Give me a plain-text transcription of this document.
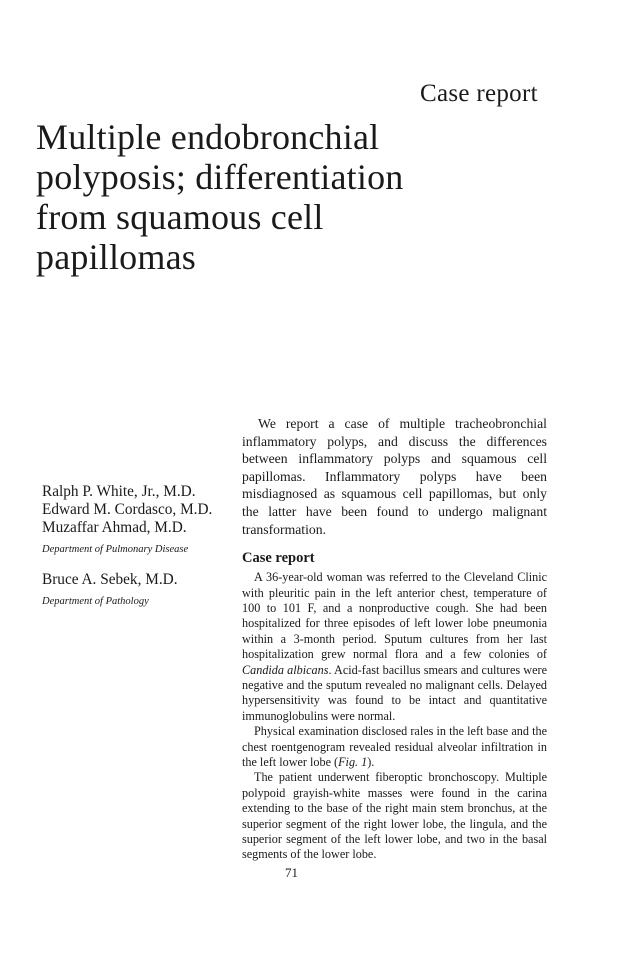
Case report
Multiple endobronchial
polyposis; differentiation
from squamous cell
papillomas
Ralph P. White, Jr., M.D.
Edward M. Cordasco, M.D.
Muzaffar Ahmad, M.D.
Department of Pulmonary Disease
Bruce A. Sebek, M.D.
Department of Pathology

We report a case of multiple tracheobronchial inflammatory polyps, and discuss the differences between inflammatory polyps and squamous cell papillomas. Inflammatory polyps have been misdiagnosed as squamous cell papillomas, but only the latter have been found to undergo malignant transformation.

Case report

A 36-year-old woman was referred to the Cleveland Clinic with pleuritic pain in the left anterior chest, temperature of 100 to 101 F, and a nonproductive cough. She had been hospitalized for three episodes of left lower lobe pneumonia within a 3-month period. Sputum cultures from her last hospitalization grew normal flora and a few colonies of Candida albicans. Acid-fast bacillus smears and cultures were negative and the sputum revealed no malignant cells. Delayed hypersensitivity was found to be intact and quantitative immunoglobulins were normal.

Physical examination disclosed rales in the left base and the chest roentgenogram revealed residual alveolar infiltration in the left lower lobe (Fig. 1).

The patient underwent fiberoptic bronchoscopy. Multiple polypoid grayish-white masses were found in the carina extending to the base of the right main stem bronchus, at the superior segment of the right lower lobe, the lingula, and the superior segment of the left lower lobe, and two in the basal segments of the lower lobe.

71
